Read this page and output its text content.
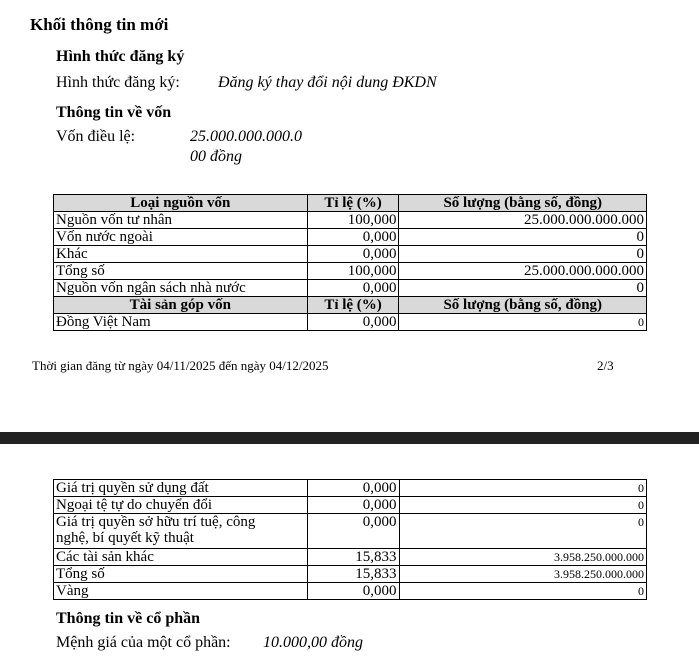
Khối thông tin mới
Hình thức đăng ký
Hình thức đăng ký: Đăng ký thay đổi nội dung ĐKDN
Thông tin về vốn
Vốn điều lệ:	25.000.000.000.0
00 đồng
Loại nguồn vốn	Tỉ lệ (%)	Số lượng (bằng số, đồng)
Nguồn vốn tư nhân	100,000	25.000.000.000.000
Vốn nước ngoài	0,000	0
Khác	0,000	0
Tổng số	100,000	25.000.000.000.000
Nguồn vốn ngân sách nhà nước	0,000	0
Tài sản góp vốn	Tỉ lệ (%)	Số lượng (bằng số, đồng)
Đồng Việt Nam	0,000	0
Thời gian đăng từ ngày 04/11/2025 đến ngày 04/12/2025	2/3
Giá trị quyền sử dụng đất	0,000	0
Ngoại tệ tự do chuyển đổi	0,000	0
Giá trị quyền sở hữu trí tuệ, công
nghệ, bí quyết kỹ thuật	0,000	0
Các tài sản khác	15,833	3.958.250.000.000
Tổng số	15,833	3.958.250.000.000
Vàng	0,000	0
Thông tin về cổ phần
Mệnh giá của một cổ phần: 10.000,00 đồng
